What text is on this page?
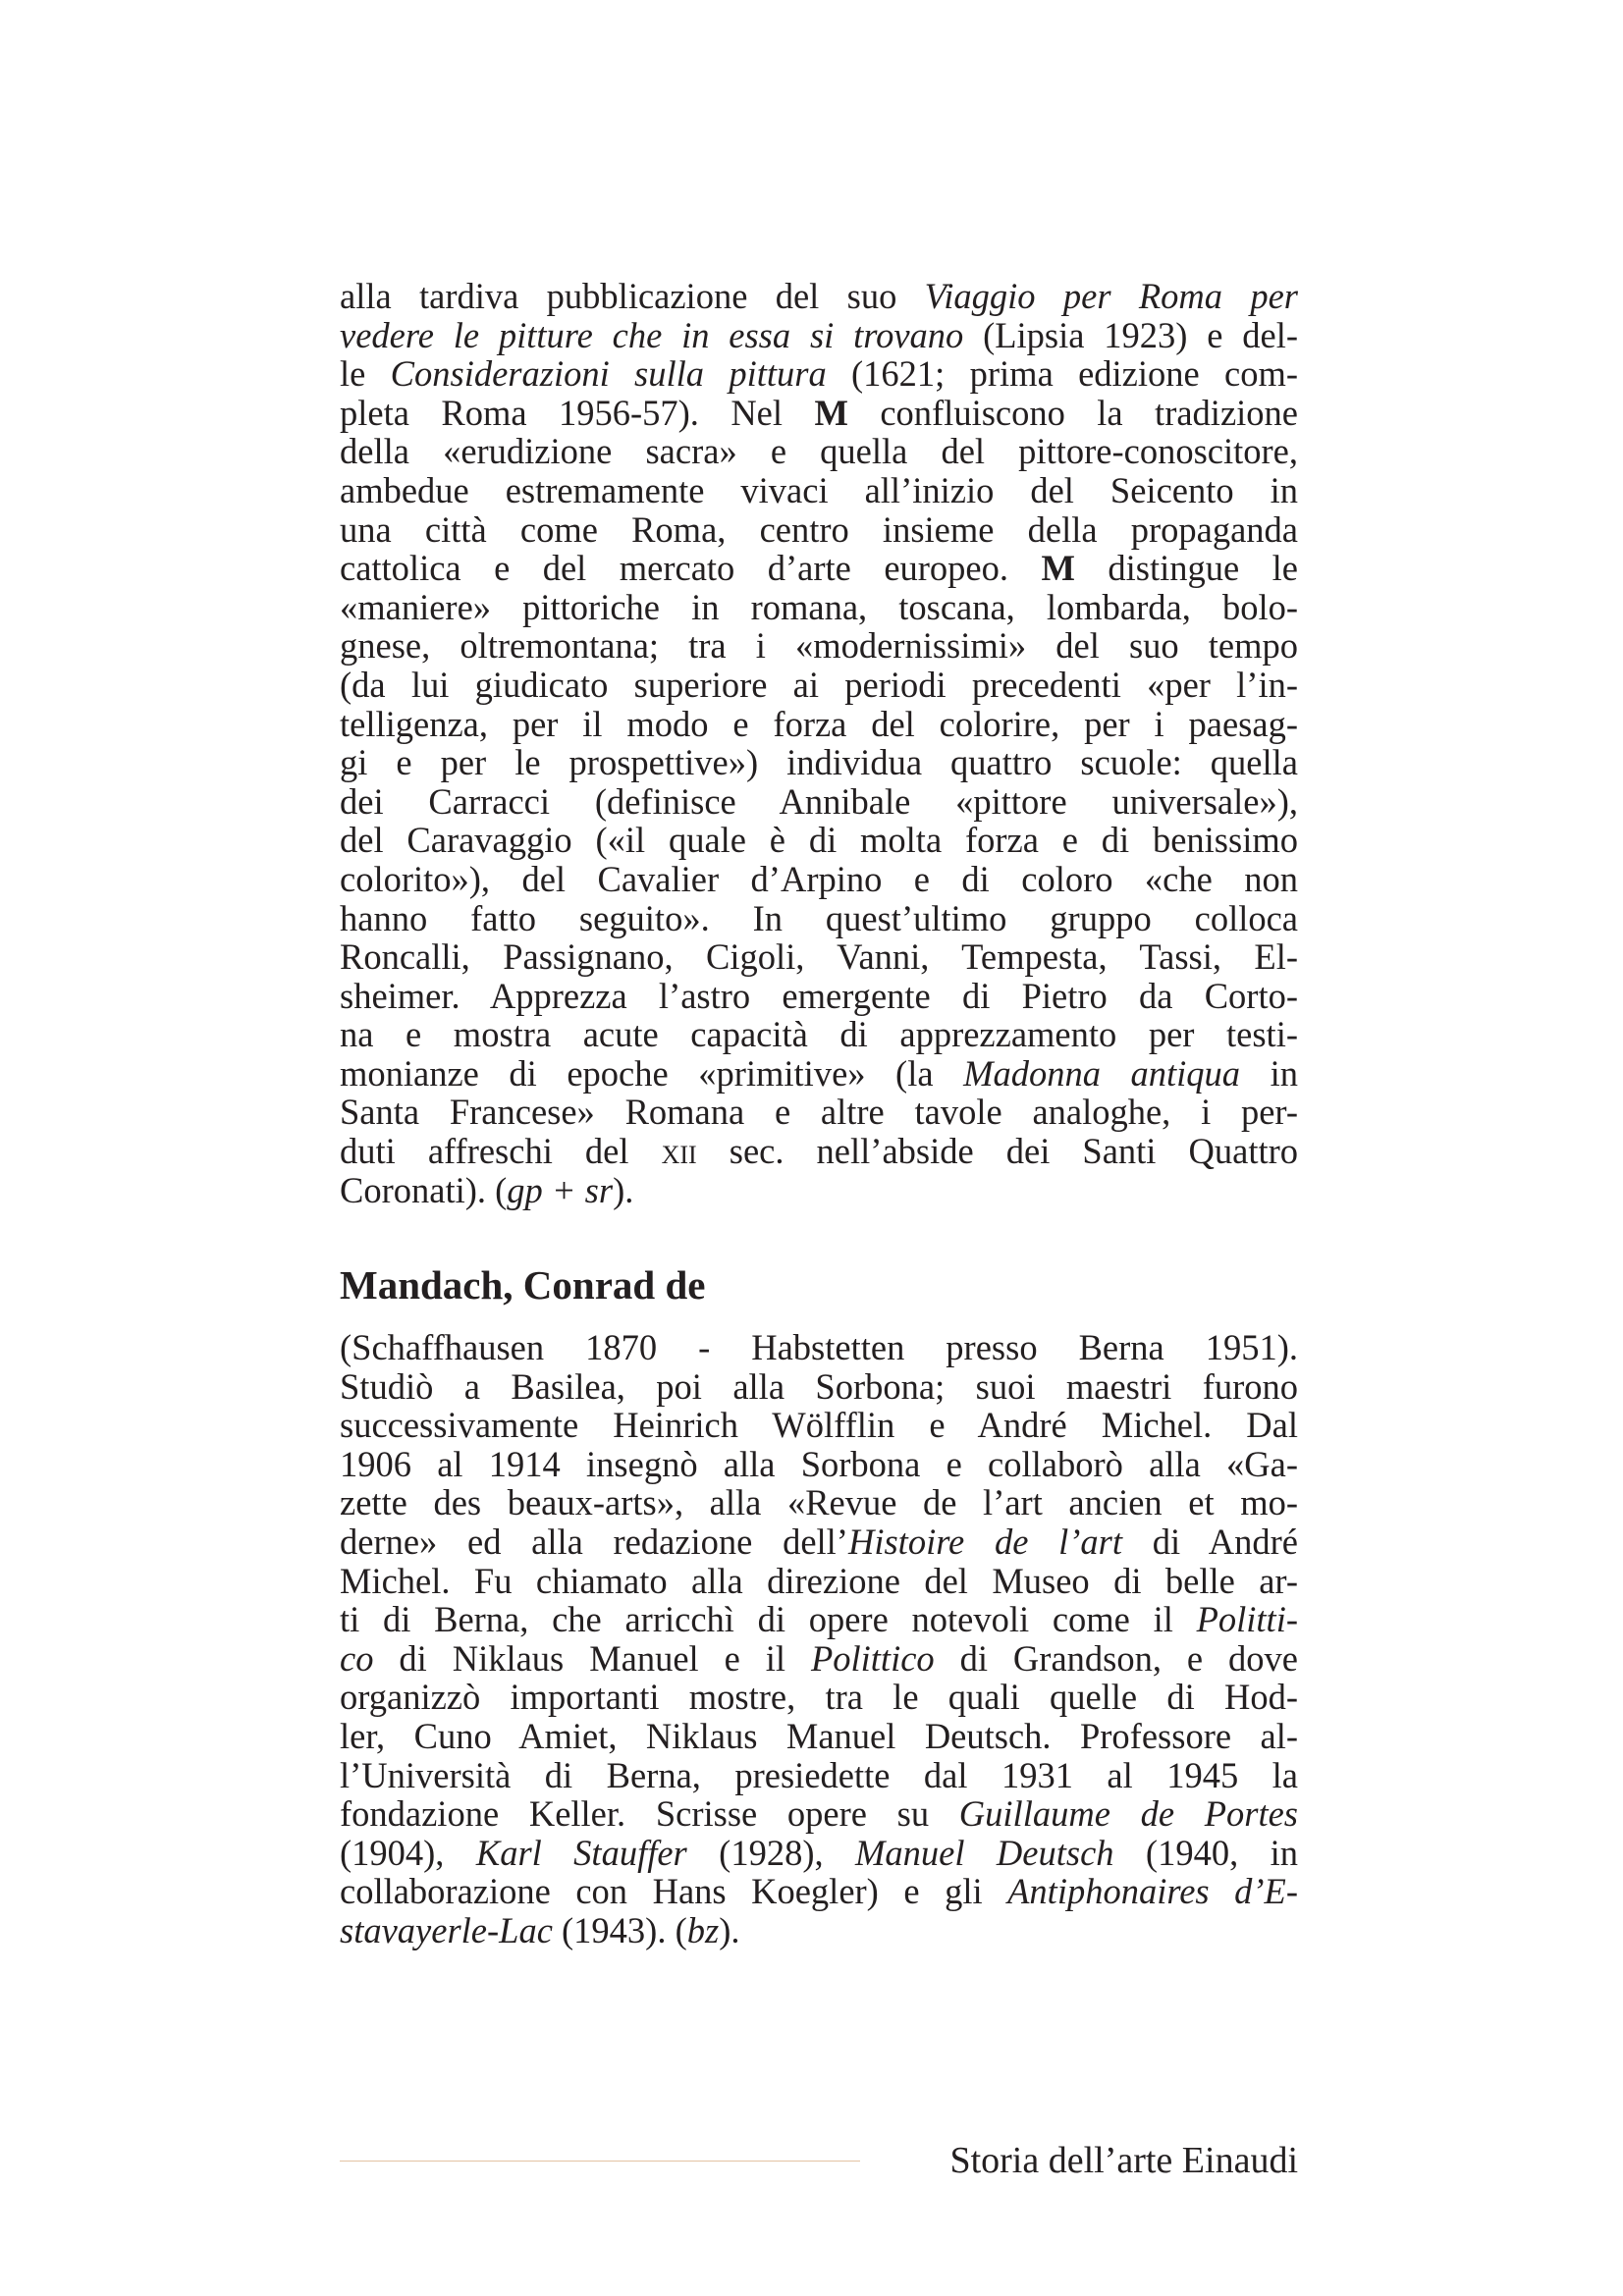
alla tardiva pubblicazione del suo Viaggio per Roma per
vedere le pitture che in essa si trovano (Lipsia 1923) e del-
le Considerazioni sulla pittura (1621; prima edizione com-
pleta Roma 1956-57). Nel M confluiscono la tradizione
della «erudizione sacra» e quella del pittore-conoscitore,
ambedue estremamente vivaci all’inizio del Seicento in
una città come Roma, centro insieme della propaganda
cattolica e del mercato d’arte europeo. M distingue le
«maniere» pittoriche in romana, toscana, lombarda, bolo-
gnese, oltremontana; tra i «modernissimi» del suo tempo
(da lui giudicato superiore ai periodi precedenti «per l’in-
telligenza, per il modo e forza del colorire, per i paesag-
gi e per le prospettive») individua quattro scuole: quella
dei Carracci (definisce Annibale «pittore universale»),
del Caravaggio («il quale è di molta forza e di benissimo
colorito»), del Cavalier d’Arpino e di coloro «che non
hanno fatto seguito». In quest’ultimo gruppo colloca
Roncalli, Passignano, Cigoli, Vanni, Tempesta, Tassi, El-
sheimer. Apprezza l’astro emergente di Pietro da Corto-
na e mostra acute capacità di apprezzamento per testi-
monianze di epoche «primitive» (la Madonna antiqua in
Santa Francese» Romana e altre tavole analoghe, i per-
duti affreschi del xii sec. nell’abside dei Santi Quattro
Coronati). (gp + sr).
Mandach, Conrad de
(Schaffhausen 1870 - Habstetten presso Berna 1951).
Studiò a Basilea, poi alla Sorbona; suoi maestri furono
successivamente Heinrich Wölfflin e André Michel. Dal
1906 al 1914 insegnò alla Sorbona e collaborò alla «Ga-
zette des beaux-arts», alla «Revue de l’art ancien et mo-
derne» ed alla redazione dell’Histoire de l’art di André
Michel. Fu chiamato alla direzione del Museo di belle ar-
ti di Berna, che arricchì di opere notevoli come il Politti-
co di Niklaus Manuel e il Polittico di Grandson, e dove
organizzò importanti mostre, tra le quali quelle di Hod-
ler, Cuno Amiet, Niklaus Manuel Deutsch. Professore al-
l’Università di Berna, presiedette dal 1931 al 1945 la
fondazione Keller. Scrisse opere su Guillaume de Portes
(1904), Karl Stauffer (1928), Manuel Deutsch (1940, in
collaborazione con Hans Koegler) e gli Antiphonaires d’E-
stavayerle-Lac (1943). (bz).
Storia dell’arte Einaudi
